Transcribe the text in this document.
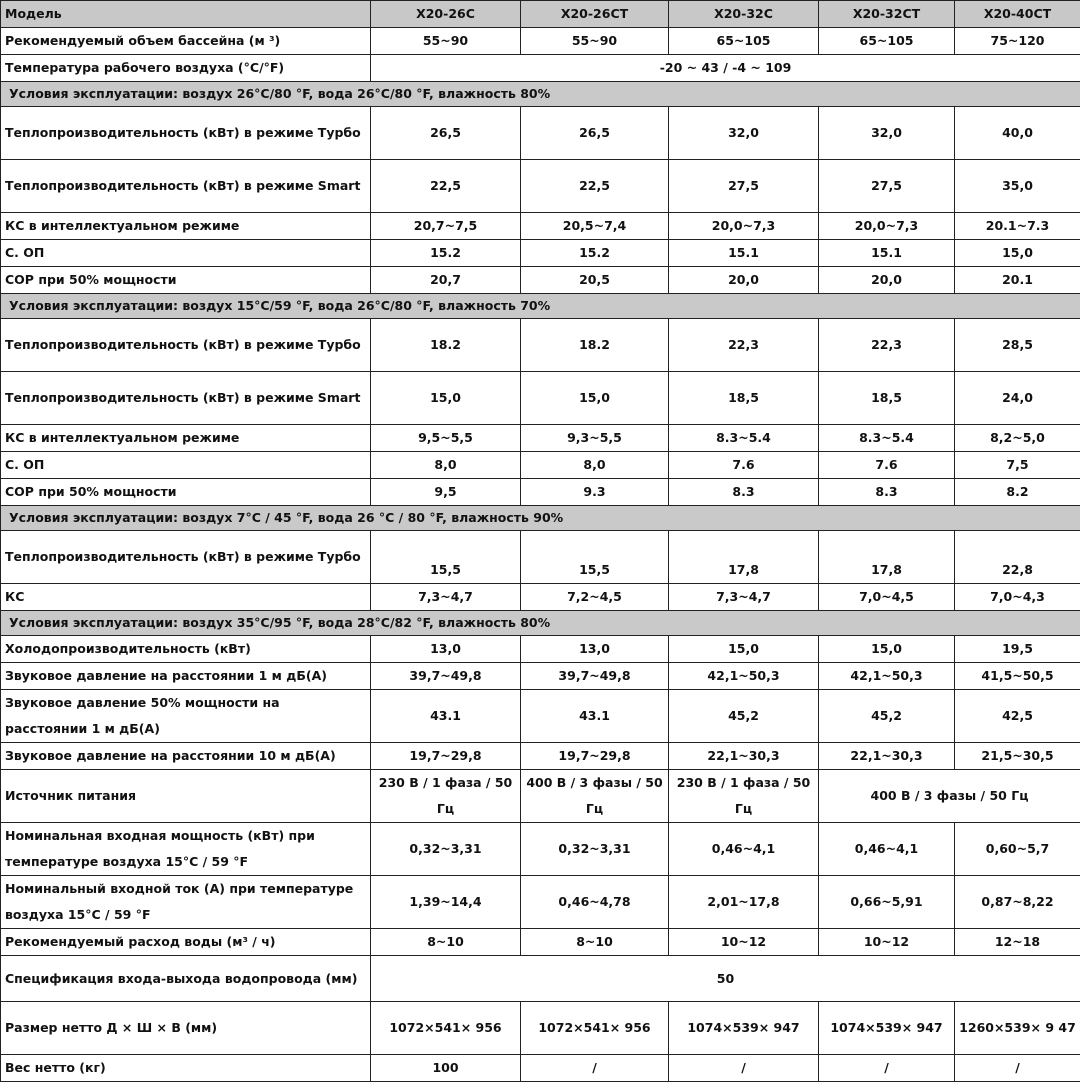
Модель	X20-26C	X20-26CT	X20-32C	X20-32CT	X20-40CT
Рекомендуемый объем бассейна (м ³)	55~90	55~90	65~105	65~105	75~120
Температура рабочего воздуха (°C/°F)	-20 ~ 43 / -4 ~ 109				
Условия эксплуатации: воздух 26°C/80 °F, вода 26°C/80 °F, влажность 80%					
Теплопроизводительность (кВт) в режиме Турбо	26,5	26,5	32,0	32,0	40,0
Теплопроизводительность (кВт) в режиме Smart	22,5	22,5	27,5	27,5	35,0
КС в интеллектуальном режиме	20,7~7,5	20,5~7,4	20,0~7,3	20,0~7,3	20.1~7.3
С. ОП	15.2	15.2	15.1	15.1	15,0
COP при 50% мощности	20,7	20,5	20,0	20,0	20.1
Условия эксплуатации: воздух 15°C/59 °F, вода 26°C/80 °F, влажность 70%					
Теплопроизводительность (кВт) в режиме Турбо	18.2	18.2	22,3	22,3	28,5
Теплопроизводительность (кВт) в режиме Smart	15,0	15,0	18,5	18,5	24,0
КС в интеллектуальном режиме	9,5~5,5	9,3~5,5	8.3~5.4	8.3~5.4	8,2~5,0
С. ОП	8,0	8,0	7.6	7.6	7,5
COP при 50% мощности	9,5	9.3	8.3	8.3	8.2
Условия эксплуатации: воздух 7°C / 45 °F, вода 26 °C / 80 °F, влажность 90%					
Теплопроизводительность (кВт) в режиме Турбо	15,5	15,5	17,8	17,8	22,8
КС	7,3~4,7	7,2~4,5	7,3~4,7	7,0~4,5	7,0~4,3
Условия эксплуатации: воздух 35°C/95 °F, вода 28°C/82 °F, влажность 80%					
Холодопроизводительность (кВт)	13,0	13,0	15,0	15,0	19,5
Звуковое давление на расстоянии 1 м дБ(А)	39,7~49,8	39,7~49,8	42,1~50,3	42,1~50,3	41,5~50,5
Звуковое давление 50% мощности на расстоянии 1 м дБ(А)	43.1	43.1	45,2	45,2	42,5
Звуковое давление на расстоянии 10 м дБ(А)	19,7~29,8	19,7~29,8	22,1~30,3	22,1~30,3	21,5~30,5
Источник питания	230 В / 1 фаза / 50 Гц	400 В / 3 фазы / 50 Гц	230 В / 1 фаза / 50 Гц	400 В / 3 фазы / 50 Гц	
Номинальная входная мощность (кВт) при температуре воздуха 15°C / 59 °F	0,32~3,31	0,32~3,31	0,46~4,1	0,46~4,1	0,60~5,7
Номинальный входной ток (А) при температуре воздуха 15°C / 59 °F	1,39~14,4	0,46~4,78	2,01~17,8	0,66~5,91	0,87~8,22
Рекомендуемый расход воды (м³ / ч)	8~10	8~10	10~12	10~12	12~18
Спецификация входа-выхода водопровода (мм)	50				
Размер нетто Д × Ш × В (мм)	1072×541× 956	1072×541× 956	1074×539× 947	1074×539× 947	1260×539× 9 47
Вес нетто (кг)	100	/	/	/	/
